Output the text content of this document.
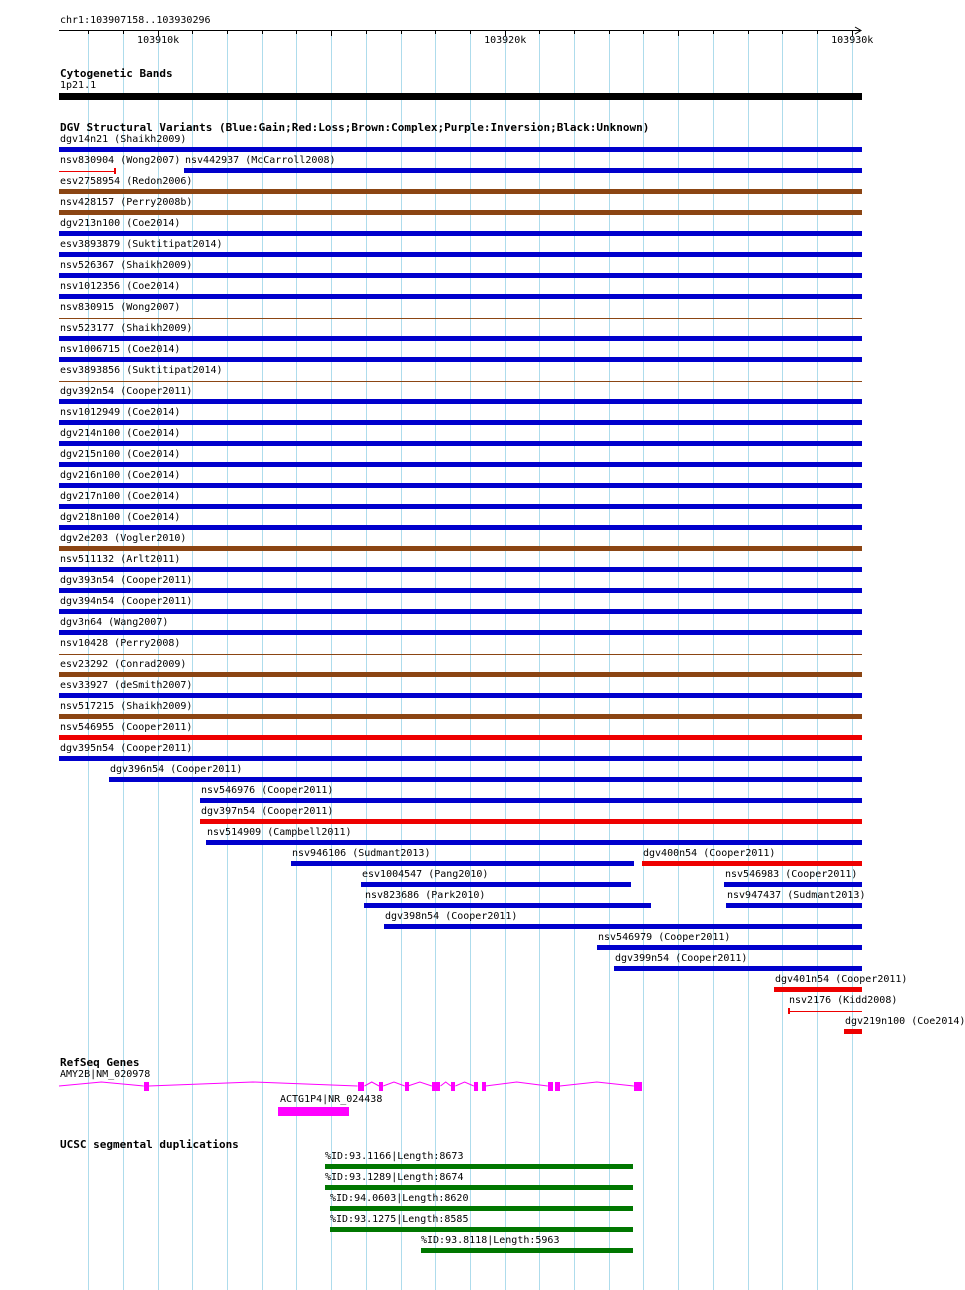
chr1:103907158..103930296
103910k	103920k	103930k
Cytogenetic Bands
1p21.1
DGV Structural Variants (Blue:Gain;Red:Loss;Brown:Complex;Purple:Inversion;Black:Unknown)
dgv14n21 (Shaikh2009)
nsv830904 (Wong2007) nsv442937 (McCarroll2008)
esv2758954 (Redon2006)
nsv428157 (Perry2008b)
dgv213n100 (Coe2014)
esv3893879 (Suktitipat2014)
nsv526367 (Shaikh2009)
nsv1012356 (Coe2014)
nsv830915 (Wong2007)
nsv523177 (Shaikh2009)
nsv1006715 (Coe2014)
esv3893856 (Suktitipat2014)
dgv392n54 (Cooper2011)
nsv1012949 (Coe2014)
dgv214n100 (Coe2014)
dgv215n100 (Coe2014)
dgv216n100 (Coe2014)
dgv217n100 (Coe2014)
dgv218n100 (Coe2014)
dgv2e203 (Vogler2010)
nsv511132 (Arlt2011)
dgv393n54 (Cooper2011)
dgv394n54 (Cooper2011)
dgv3n64 (Wang2007)
nsv10428 (Perry2008)
esv23292 (Conrad2009)
esv33927 (deSmith2007)
nsv517215 (Shaikh2009)
nsv546955 (Cooper2011)
dgv395n54 (Cooper2011)
dgv396n54 (Cooper2011)
nsv546976 (Cooper2011)
dgv397n54 (Cooper2011)
nsv514909 (Campbell2011)
nsv946106 (Sudmant2013)	dgv400n54 (Cooper2011)
esv1004547 (Pang2010)	nsv546983 (Cooper2011)
nsv823686 (Park2010)	nsv947437 (Sudmant2013)
dgv398n54 (Cooper2011)
nsv546979 (Cooper2011)
dgv399n54 (Cooper2011)
dgv401n54 (Cooper2011)
nsv2176 (Kidd2008)
dgv219n100 (Coe2014)
RefSeq Genes
AMY2B|NM_020978
ACTG1P4|NR_024438
UCSC segmental duplications
%ID:93.1166|Length:8673
%ID:93.1289|Length:8674
%ID:94.0603|Length:8620
%ID:93.1275|Length:8585
%ID:93.8118|Length:5963
